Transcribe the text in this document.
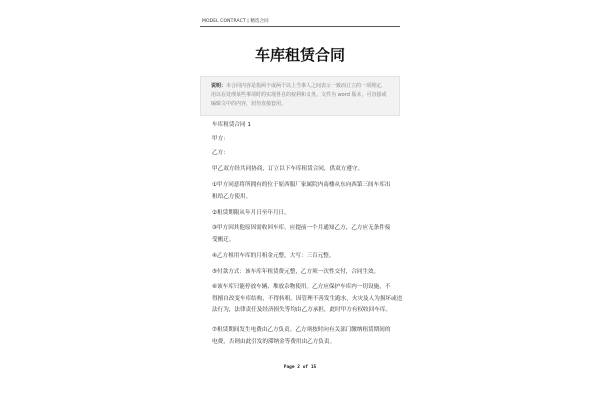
MODEL CONTRACT | 精选合同
车库租赁合同
说明：本合同内容是指两个或两个以上当事人之间表示一致而订立的一项规定，用以在处理某些事项时的实现各自的权利和义务。文件为 word 版本，可直接或编辑文中的内容，切勿直接套用。
车库租赁合同 1
甲方：
乙方：
甲乙双方经共同协商，订立以下车库租赁合同，供双方遵守。
①甲方同意将所拥有的位于原西服厂家属院内南楼从东向西第三间车库出
租给乙方使用。
②租赁期限从年月日至年月日。
③甲方因其他原因需收回车库，应提前一个月通知乙方，乙方应无条件接
受搬迁。
④乙方租用车库的月租金元整，大写：三百元整。
⑤付款方式：该车库年租赁费元整，乙方须一次性交付，合同生效。
⑥该车库只能停放车辆、堆放杂物使用。乙方应保护车库内一切设施，不
得擅自改变车库结构，不得转租。因管理不善发生跑水，火灾及人为损坏或违
法行为，法律责任及经济损失等均由乙方承担，此时甲方有权收回车库。
⑦租赁期间发生电费由乙方负责。乙方须按时向有关部门缴纳租赁期间的
电费，否则由此引发的滞纳金等费用由乙方负责。
Page 2 of 15
